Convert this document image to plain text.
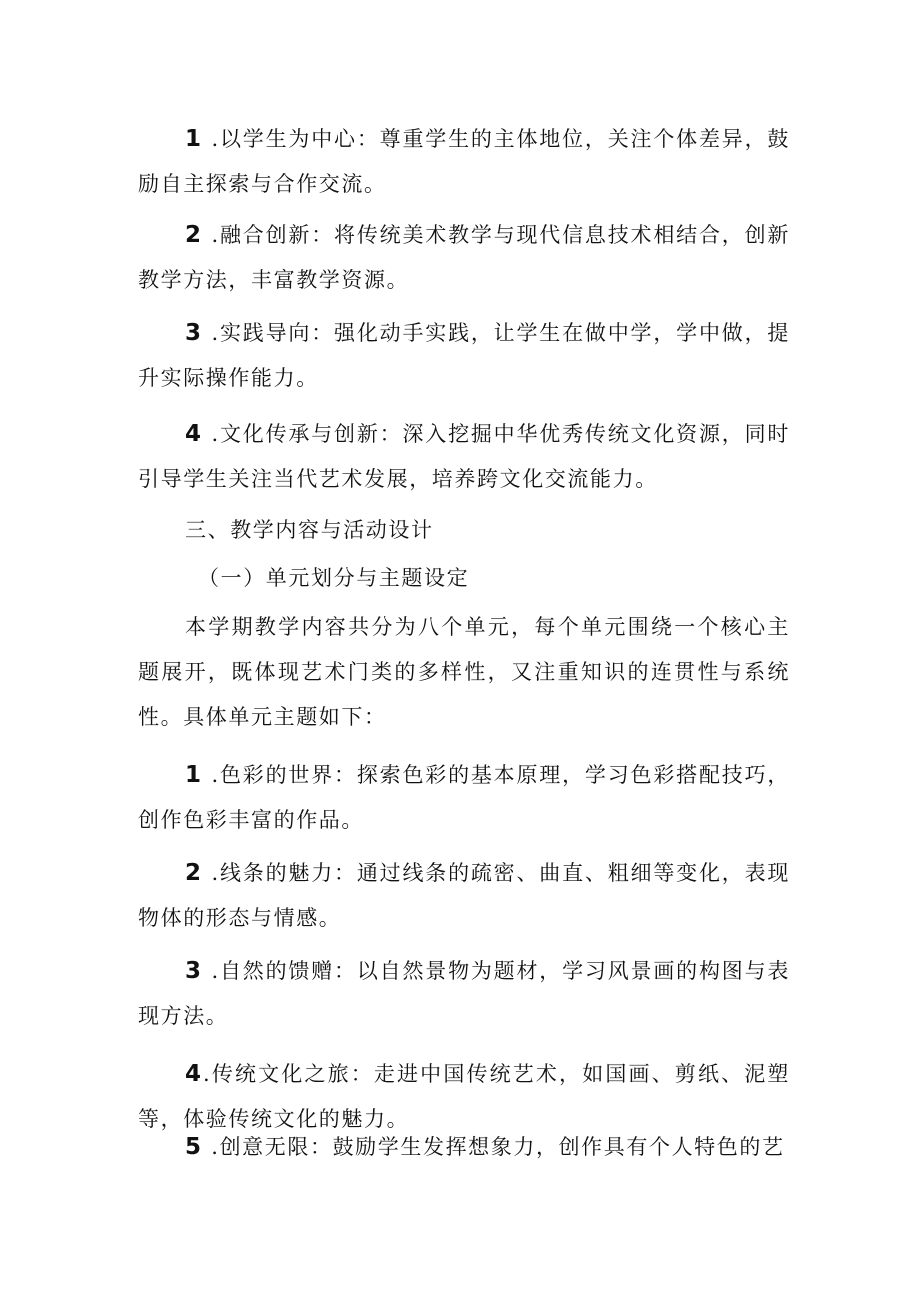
1 .以学生为中心：尊重学生的主体地位，关注个体差异，鼓励自主探索与合作交流。

2 .融合创新：将传统美术教学与现代信息技术相结合，创新教学方法，丰富教学资源。

3 .实践导向：强化动手实践，让学生在做中学，学中做，提升实际操作能力。

4 .文化传承与创新：深入挖掘中华优秀传统文化资源，同时引导学生关注当代艺术发展，培养跨文化交流能力。

三、教学内容与活动设计

（一）单元划分与主题设定

本学期教学内容共分为八个单元，每个单元围绕一个核心主题展开，既体现艺术门类的多样性，又注重知识的连贯性与系统性。具体单元主题如下：

1 .色彩的世界：探索色彩的基本原理，学习色彩搭配技巧，创作色彩丰富的作品。

2 .线条的魅力：通过线条的疏密、曲直、粗细等变化，表现物体的形态与情感。

3 .自然的馈赠：以自然景物为题材，学习风景画的构图与表现方法。

4.传统文化之旅：走进中国传统艺术，如国画、剪纸、泥塑等，体验传统文化的魅力。

5 .创意无限：鼓励学生发挥想象力，创作具有个人特色的艺
